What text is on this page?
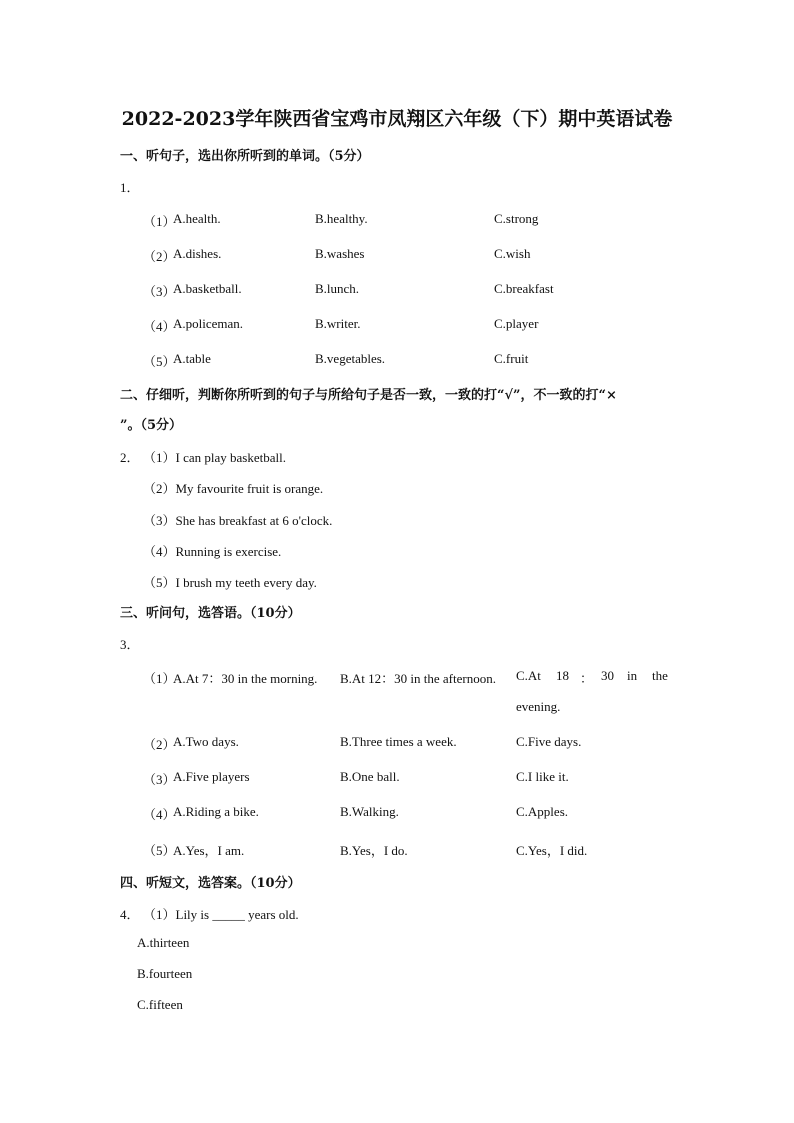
2022-2023学年陕西省宝鸡市凤翔区六年级（下）期中英语试卷
一、听句子，选出你所听到的单词。（5分）
1．
（1）
A.health.	B.healthy.	C.strong
（2）
A.dishes.	B.washes	C.wish
（3）
A.basketball.	B.lunch.	C.breakfast
（4）
A.policeman.	B.writer.	C.player
（5）
A.table	B.vegetables.	C.fruit
二、仔细听，判断你所听到的句子与所给句子是否一致，一致的打“√”，不一致的打“×
”。（5分）
2． （1）I can play basketball.
（2）My favourite fruit is orange.
（3）She has breakfast at 6 o'clock.
（4）Running is exercise.
（5）I brush my teeth every day.
三、听问句，选答语。（10分）
3．
（1）
A.At 7：30 in the morning. B.At 12：30 in the afternoon. C.At 18 ： 30 in the
evening.
（2）
A.Two days.	B.Three times a week.	C.Five days.
（3）
A.Five players	B.One ball.	C.I like it.
（4）
A.Riding a bike.	B.Walking.	C.Apples.
（5）
A.Yes，I am.	B.Yes，I do.	C.Yes，I did.
四、听短文，选答案。（10分）
4． （1）Lily is _____ years old.
A.thirteen
B.fourteen
C.fifteen
